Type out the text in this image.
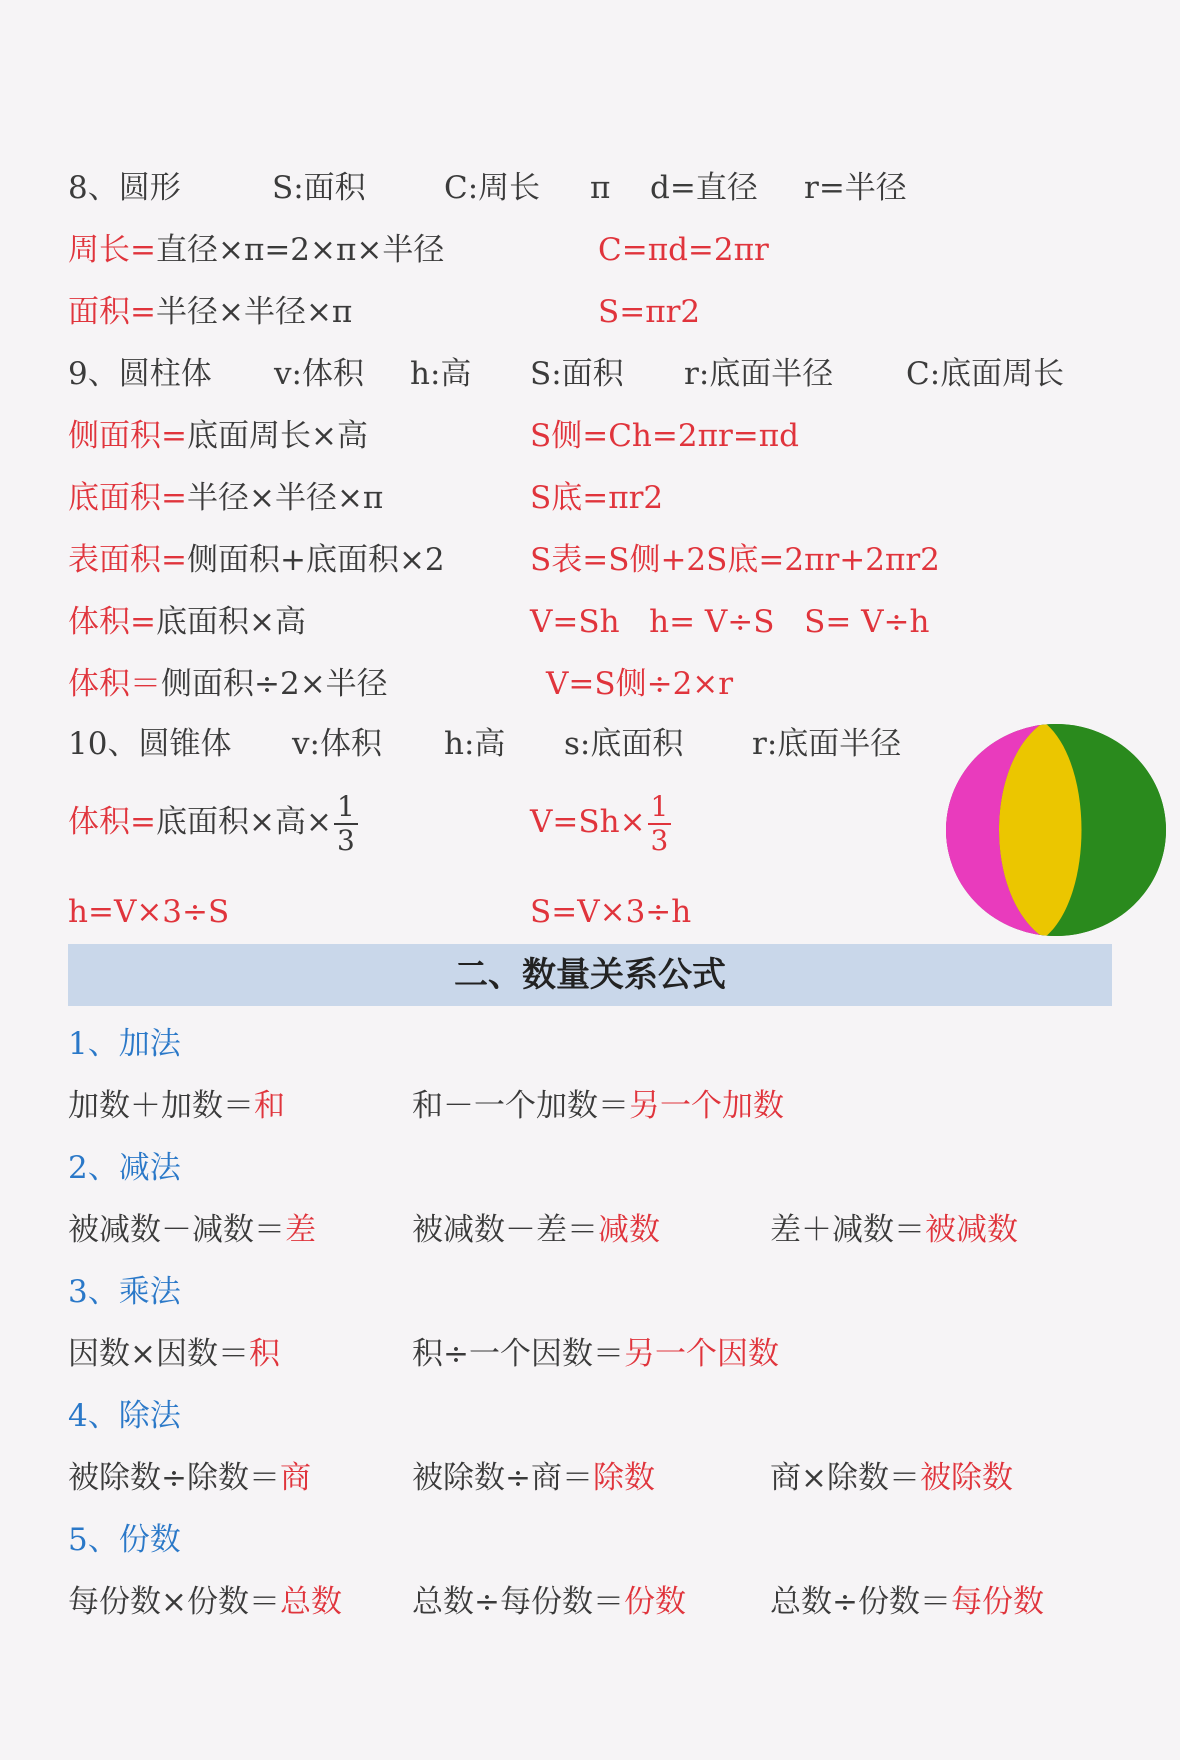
8、圆形	S:面积	C:周长 π d=直径 r=半径
周长=直径×π=2×π×半径	C=πd=2πr
面积=半径×半径×π	S=πr2
9、圆柱体 v:体积 h:高 S:面积 r:底面半径 C:底面周长
侧面积=底面周长×高	S侧=Ch=2πr=πd
底面积=半径×半径×π	S底=πr2
表面积=侧面积+底面积×2	S表=S侧+2S底=2πr+2πr2
体积=底面积×高	V=Sh   h= V÷S   S= V÷h
体积＝侧面积÷2×半径	V=S侧÷2×r
10、圆锥体 v:体积 h:高 s:底面积 r:底面半径
体积=底面积×高× $\frac{1}{3}$	$V=Sh\times \frac{1}{3}$
h=V×3÷S	S=V×3÷h
二、数量关系公式
1、加法
加数＋加数＝和	和－一个加数＝另一个加数
2、减法
被减数－减数＝差	被减数－差＝减数	差＋减数＝被减数
3、乘法
因数×因数＝积	积÷一个因数＝另一个因数
4、除法
被除数÷除数＝商	被除数÷商＝除数	商×除数＝被除数
5、份数
每份数×份数＝总数 总数÷每份数＝份数	总数÷份数＝每份数
